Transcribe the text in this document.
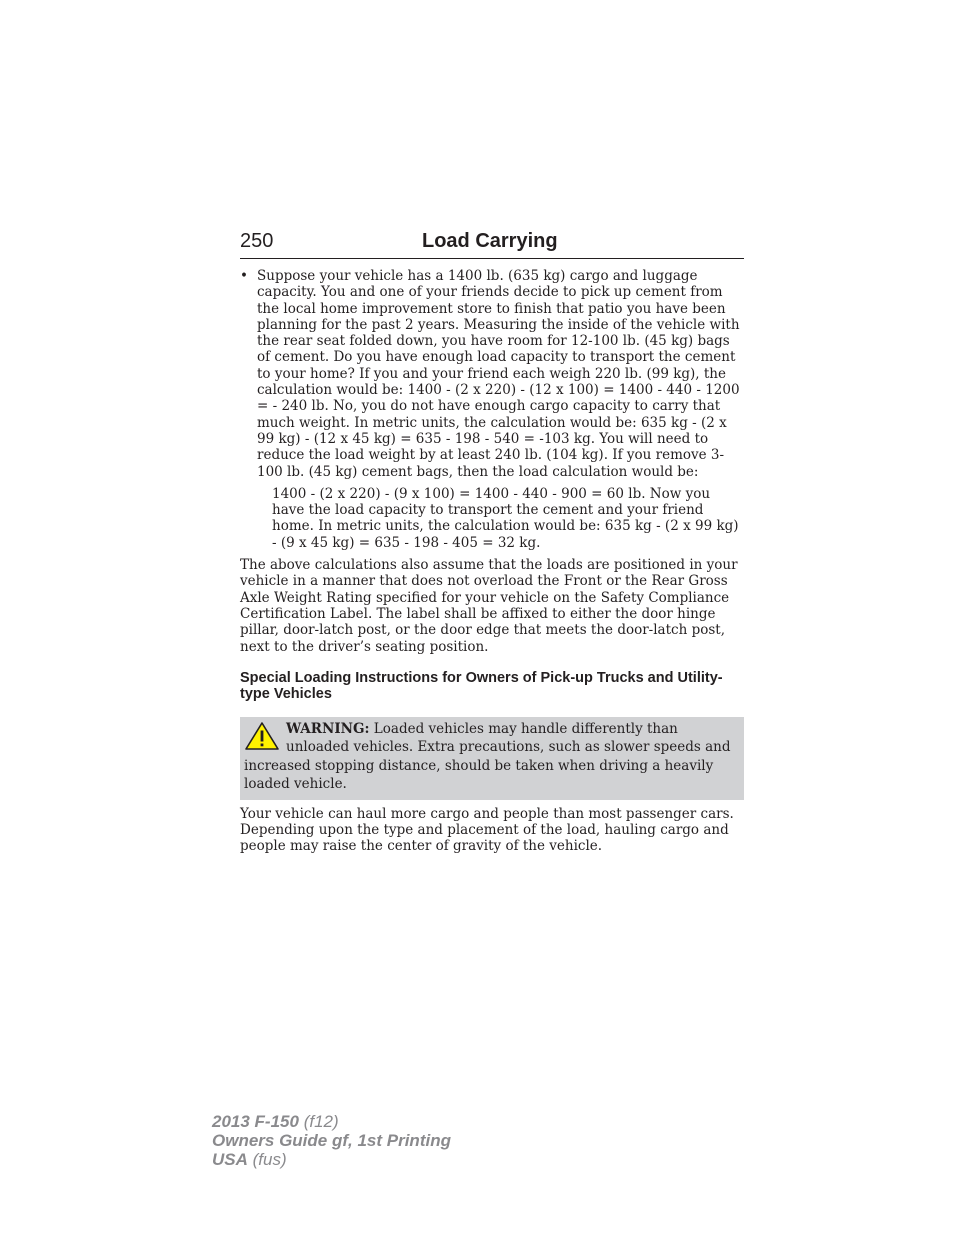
250	Load Carrying
• Suppose your vehicle has a 1400 lb. (635 kg) cargo and luggage capacity. You and one of your friends decide to pick up cement from the local home improvement store to finish that patio you have been planning for the past 2 years. Measuring the inside of the vehicle with the rear seat folded down, you have room for 12-100 lb. (45 kg) bags of cement. Do you have enough load capacity to transport the cement to your home? If you and your friend each weigh 220 lb. (99 kg), the calculation would be: 1400 - (2 x 220) - (12 x 100) = 1400 - 440 - 1200 = - 240 lb. No, you do not have enough cargo capacity to carry that much weight. In metric units, the calculation would be: 635 kg - (2 x 99 kg) - (12 x 45 kg) = 635 - 198 - 540 = -103 kg. You will need to reduce the load weight by at least 240 lb. (104 kg). If you remove 3-100 lb. (45 kg) cement bags, then the load calculation would be:

1400 - (2 x 220) - (9 x 100) = 1400 - 440 - 900 = 60 lb. Now you have the load capacity to transport the cement and your friend home. In metric units, the calculation would be: 635 kg - (2 x 99 kg) - (9 x 45 kg) = 635 - 198 - 405 = 32 kg.

The above calculations also assume that the loads are positioned in your vehicle in a manner that does not overload the Front or the Rear Gross Axle Weight Rating specified for your vehicle on the Safety Compliance Certification Label. The label shall be affixed to either the door hinge pillar, door-latch post, or the door edge that meets the door-latch post, next to the driver’s seating position.

Special Loading Instructions for Owners of Pick-up Trucks and Utility-type Vehicles
WARNING: Loaded vehicles may handle differently than unloaded vehicles. Extra precautions, such as slower speeds and increased stopping distance, should be taken when driving a heavily loaded vehicle.

Your vehicle can haul more cargo and people than most passenger cars. Depending upon the type and placement of the load, hauling cargo and people may raise the center of gravity of the vehicle.

2013 F-150 (f12)
Owners Guide gf, 1st Printing
USA (fus)
